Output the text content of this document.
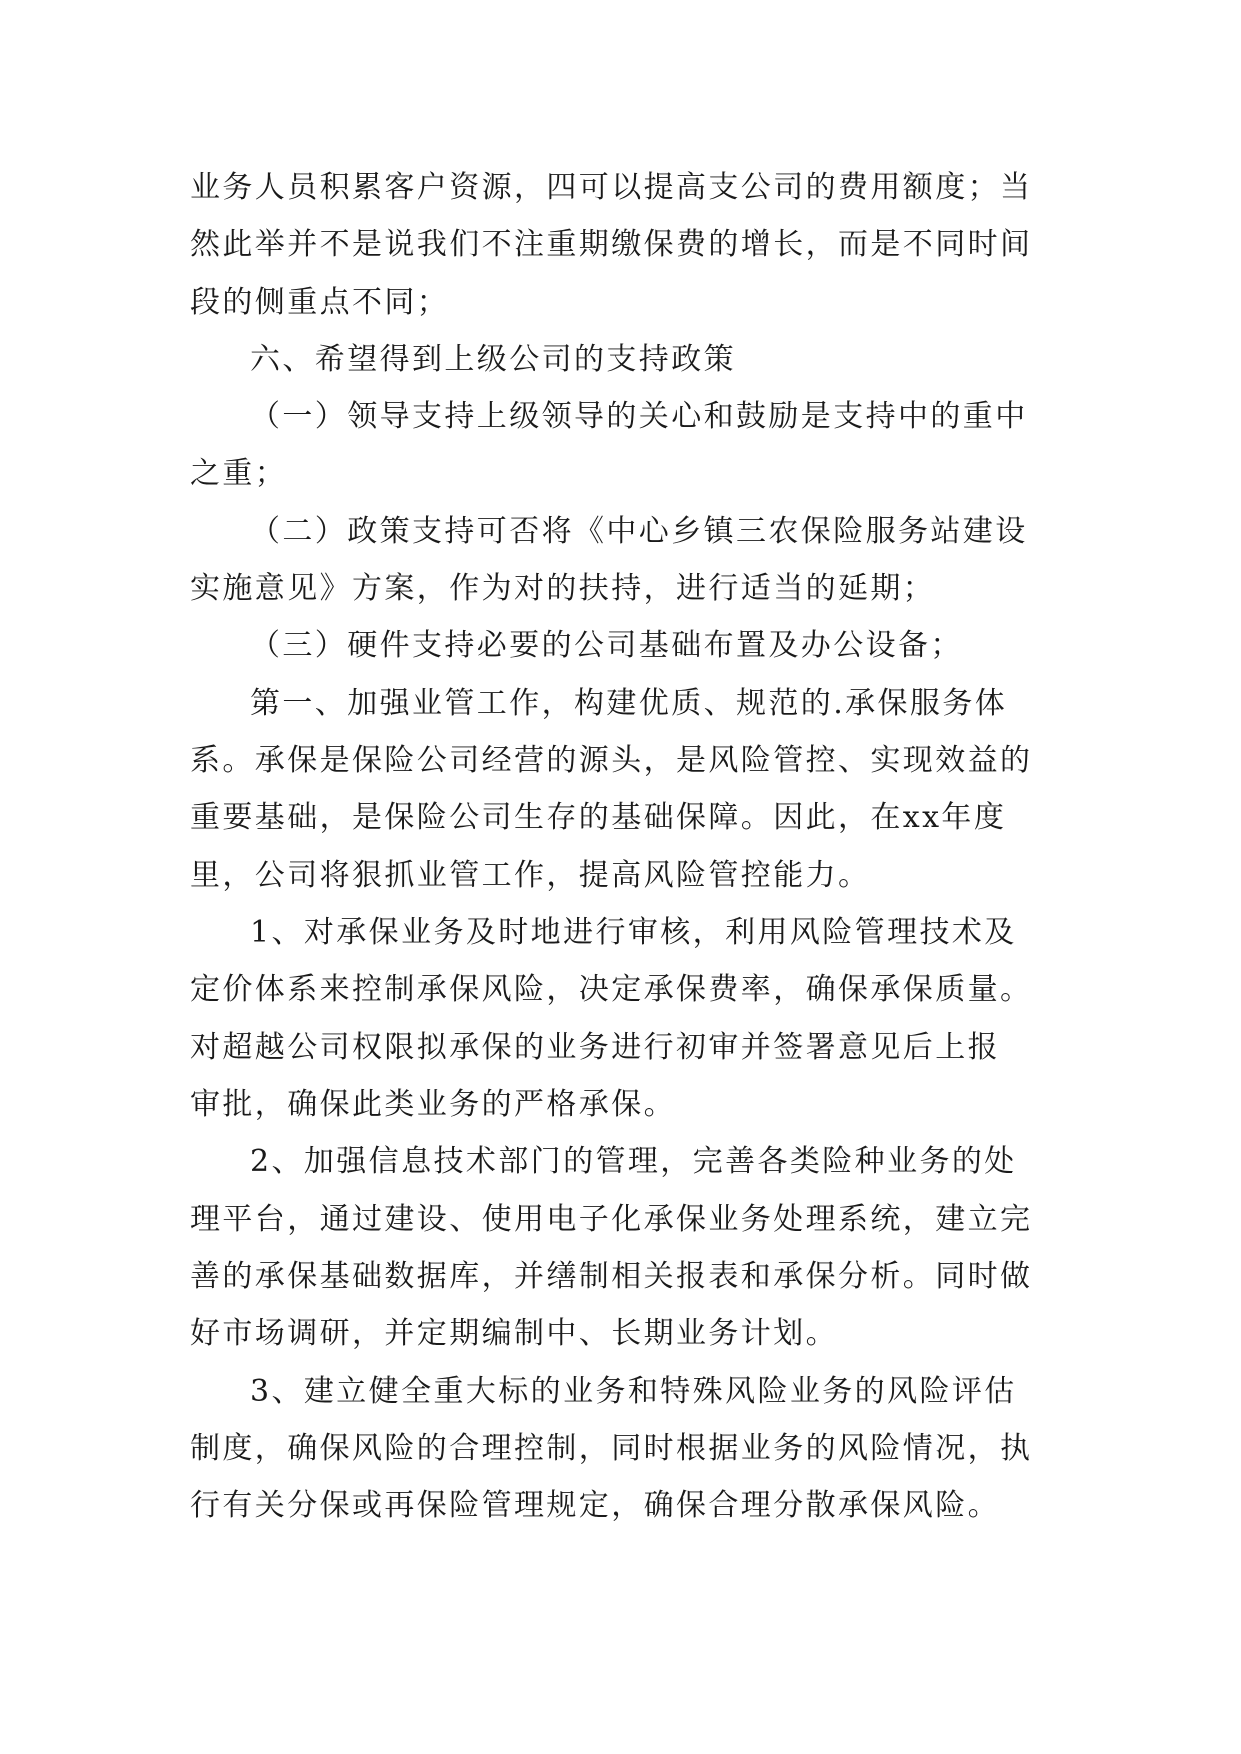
业务人员积累客户资源，四可以提高支公司的费用额度；当
然此举并不是说我们不注重期缴保费的增长，而是不同时间
段的侧重点不同；
六、希望得到上级公司的支持政策
（一）领导支持上级领导的关心和鼓励是支持中的重中
之重；
（二）政策支持可否将《中心乡镇三农保险服务站建设
实施意见》方案，作为对的扶持，进行适当的延期；
（三）硬件支持必要的公司基础布置及办公设备；
第一、加强业管工作，构建优质、规范的.承保服务体
系。承保是保险公司经营的源头，是风险管控、实现效益的
重要基础，是保险公司生存的基础保障。因此，在xx年度
里，公司将狠抓业管工作，提高风险管控能力。
1、对承保业务及时地进行审核，利用风险管理技术及
定价体系来控制承保风险，决定承保费率，确保承保质量。
对超越公司权限拟承保的业务进行初审并签署意见后上报
审批，确保此类业务的严格承保。
2、加强信息技术部门的管理，完善各类险种业务的处
理平台，通过建设、使用电子化承保业务处理系统，建立完
善的承保基础数据库，并缮制相关报表和承保分析。同时做
好市场调研，并定期编制中、长期业务计划。
3、建立健全重大标的业务和特殊风险业务的风险评估
制度，确保风险的合理控制，同时根据业务的风险情况，执
行有关分保或再保险管理规定，确保合理分散承保风险。
